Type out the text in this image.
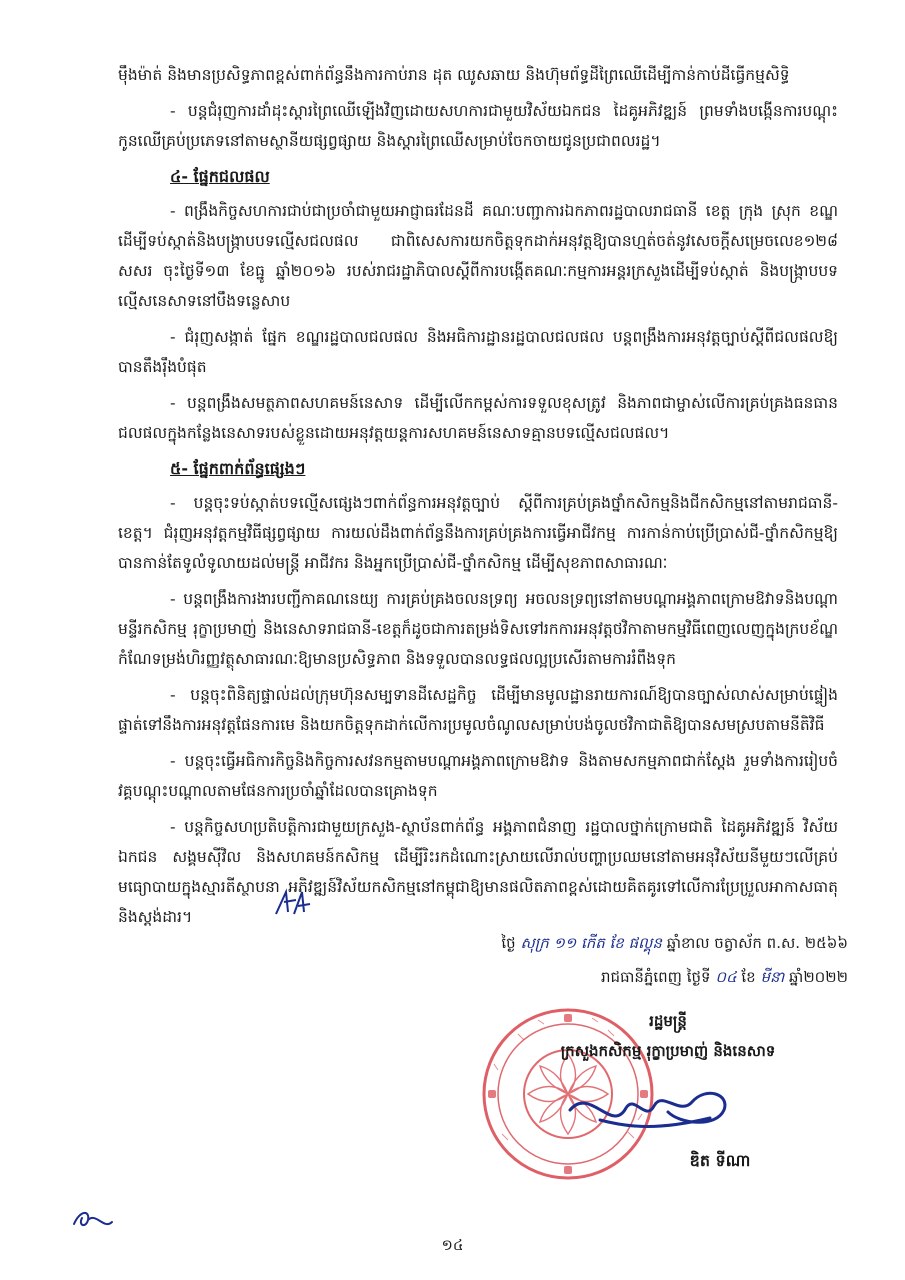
ម៉ឹងម៉ាត់ និងមានប្រសិទ្ធភាពខ្ពស់ពាក់ព័ន្ធនឹងការកាប់រាន ដុត ឈូសឆាយ និងហ៊ុមព័ទ្ធដីព្រៃឈើដើម្បីកាន់កាប់ដីធ្វើកម្មសិទ្ធិ

- បន្តជំរុញការដាំដុះស្តារព្រៃឈើឡើងវិញដោយសហការជាមួយវិស័យឯកជន ដៃគូអភិវឌ្ឍន៍ ព្រមទាំងបង្កើនការបណ្តុះកូនឈើគ្រប់ប្រភេទនៅតាមស្ថានីយផ្សព្វផ្សាយ និងស្តារព្រៃឈើសម្រាប់ចែកចាយជូនប្រជាពលរដ្ឋ។

៤- ផ្នែកជលផល

- ពង្រឹងកិច្ចសហការជាប់ជាប្រចាំជាមួយអាជ្ញាធរដែនដី គណៈបញ្ជាការឯកភាពរដ្ឋបាលរាជធានី ខេត្ត ក្រុង ស្រុក ខណ្ឌ ដើម្បីទប់ស្កាត់និងបង្ក្រាបបទល្មើសជលផល ជាពិសេសការយកចិត្តទុកដាក់អនុវត្តឱ្យបានហ្មត់ចត់នូវសេចក្តីសម្រេចលេខ១២៨ សសរ ចុះថ្ងៃទី១៣ ខែធ្នូ ឆ្នាំ២០១៦ របស់រាជរដ្ឋាភិបាលស្តីពីការបង្កើតគណៈកម្មការអន្តរក្រសួងដើម្បីទប់ស្កាត់ និងបង្ក្រាបបទល្មើសនេសាទនៅបឹងទន្លេសាប

- ជំរុញសង្កាត់ ផ្នែក ខណ្ឌរដ្ឋបាលជលផល និងអធិការដ្ឋានរដ្ឋបាលជលផល បន្តពង្រឹងការអនុវត្តច្បាប់ស្តីពីជលផលឱ្យបានតឹងរ៉ឹងបំផុត

- បន្តពង្រឹងសមត្ថភាពសហគមន៍នេសាទ ដើម្បីលើកកម្ពស់ការទទួលខុសត្រូវ និងភាពជាម្ចាស់លើការគ្រប់គ្រងធនធានជលផលក្នុងកន្លែងនេសាទរបស់ខ្លួនដោយអនុវត្តយន្តការសហគមន៍នេសាទគ្មានបទល្មើសជលផល។

៥- ផ្នែកពាក់ព័ន្ធផ្សេងៗ

- បន្តចុះទប់ស្កាត់បទល្មើសផ្សេងៗពាក់ព័ន្ធការអនុវត្តច្បាប់ ស្តីពីការគ្រប់គ្រងថ្នាំកសិកម្មនិងជីកសិកម្មនៅតាមរាជធានី-ខេត្ត។ ជំរុញអនុវត្តកម្មវិធីផ្សព្វផ្សាយ ការយល់ដឹងពាក់ព័ន្ធនឹងការគ្រប់គ្រងការធ្វើអាជីវកម្ម ការកាន់កាប់ប្រើប្រាស់ជី-ថ្នាំកសិកម្មឱ្យបានកាន់តែទូលំទូលាយដល់មន្ត្រី អាជីវករ និងអ្នកប្រើប្រាស់ជី-ថ្នាំកសិកម្ម ដើម្បីសុខភាពសាធារណៈ

- បន្តពង្រឹងការងារបញ្ជីកាគណនេយ្យ ការគ្រប់គ្រងចលនទ្រព្យ អចលនទ្រព្យនៅតាមបណ្តាអង្គភាពក្រោមឱវាទនិងបណ្តាមន្ទីរកសិកម្ម រុក្ខាប្រមាញ់ និងនេសាទរាជធានី-ខេត្តក៏ដូចជាការតម្រង់ទិសទៅរកការអនុវត្តថវិកាតាមកម្មវិធីពេញលេញក្នុងក្របខ័ណ្ឌកំណែទម្រង់ហិរញ្ញវត្ថុសាធារណៈឱ្យមានប្រសិទ្ធភាព និងទទួលបានលទ្ធផលល្អប្រសើរតាមការរំពឹងទុក

- បន្តចុះពិនិត្យផ្ទាល់ដល់ក្រុមហ៊ុនសម្បទានដីសេដ្ឋកិច្ច ដើម្បីមានមូលដ្ឋានរាយការណ៍ឱ្យបានច្បាស់លាស់សម្រាប់ផ្ទៀងផ្ទាត់ទៅនឹងការអនុវត្តផែនការមេ និងយកចិត្តទុកដាក់លើការប្រមូលចំណូលសម្រាប់បង់ចូលថវិកាជាតិឱ្យបានសមស្របតាមនីតិវិធី

- បន្តចុះធ្វើអធិការកិច្ចនិងកិច្ចការសវនកម្មតាមបណ្តាអង្គភាពក្រោមឱវាទ និងតាមសកម្មភាពជាក់ស្តែង រួមទាំងការរៀបចំវគ្គបណ្តុះបណ្តាលតាមផែនការប្រចាំឆ្នាំដែលបានគ្រោងទុក

- បន្តកិច្ចសហប្រតិបត្តិការជាមួយក្រសួង-ស្ថាប័នពាក់ព័ន្ធ អង្គភាពជំនាញ រដ្ឋបាលថ្នាក់ក្រោមជាតិ ដៃគូអភិវឌ្ឍន៍ វិស័យឯកជន សង្គមស៊ីវិល និងសហគមន៍កសិកម្ម ដើម្បីរិះរកដំណោះស្រាយលើរាល់បញ្ហាប្រឈមនៅតាមអនុវិស័យនីមួយៗលើគ្រប់មធ្យោបាយក្នុងស្មារតីស្ថាបនា អភិវឌ្ឍន៍វិស័យកសិកម្មនៅកម្ពុជាឱ្យមានផលិតភាពខ្ពស់ដោយគិតគូរទៅលើការប្រែប្រួលអាកាសធាតុ និងស្តង់ដារ។

ថ្ងៃ សុក្រ ១១ កើត ខែ ផល្គុន ឆ្នាំខាល ចត្វាស័ក ព.ស. ២៥៦៦
រាជធានីភ្នំពេញ ថ្ងៃទី ០៤ ខែ មីនា ឆ្នាំ២០២២
រដ្ឋមន្ត្រី
ក្រសួងកសិកម្ម រុក្ខាប្រមាញ់ និងនេសាទ
ឌិត ទីណា
១៤
